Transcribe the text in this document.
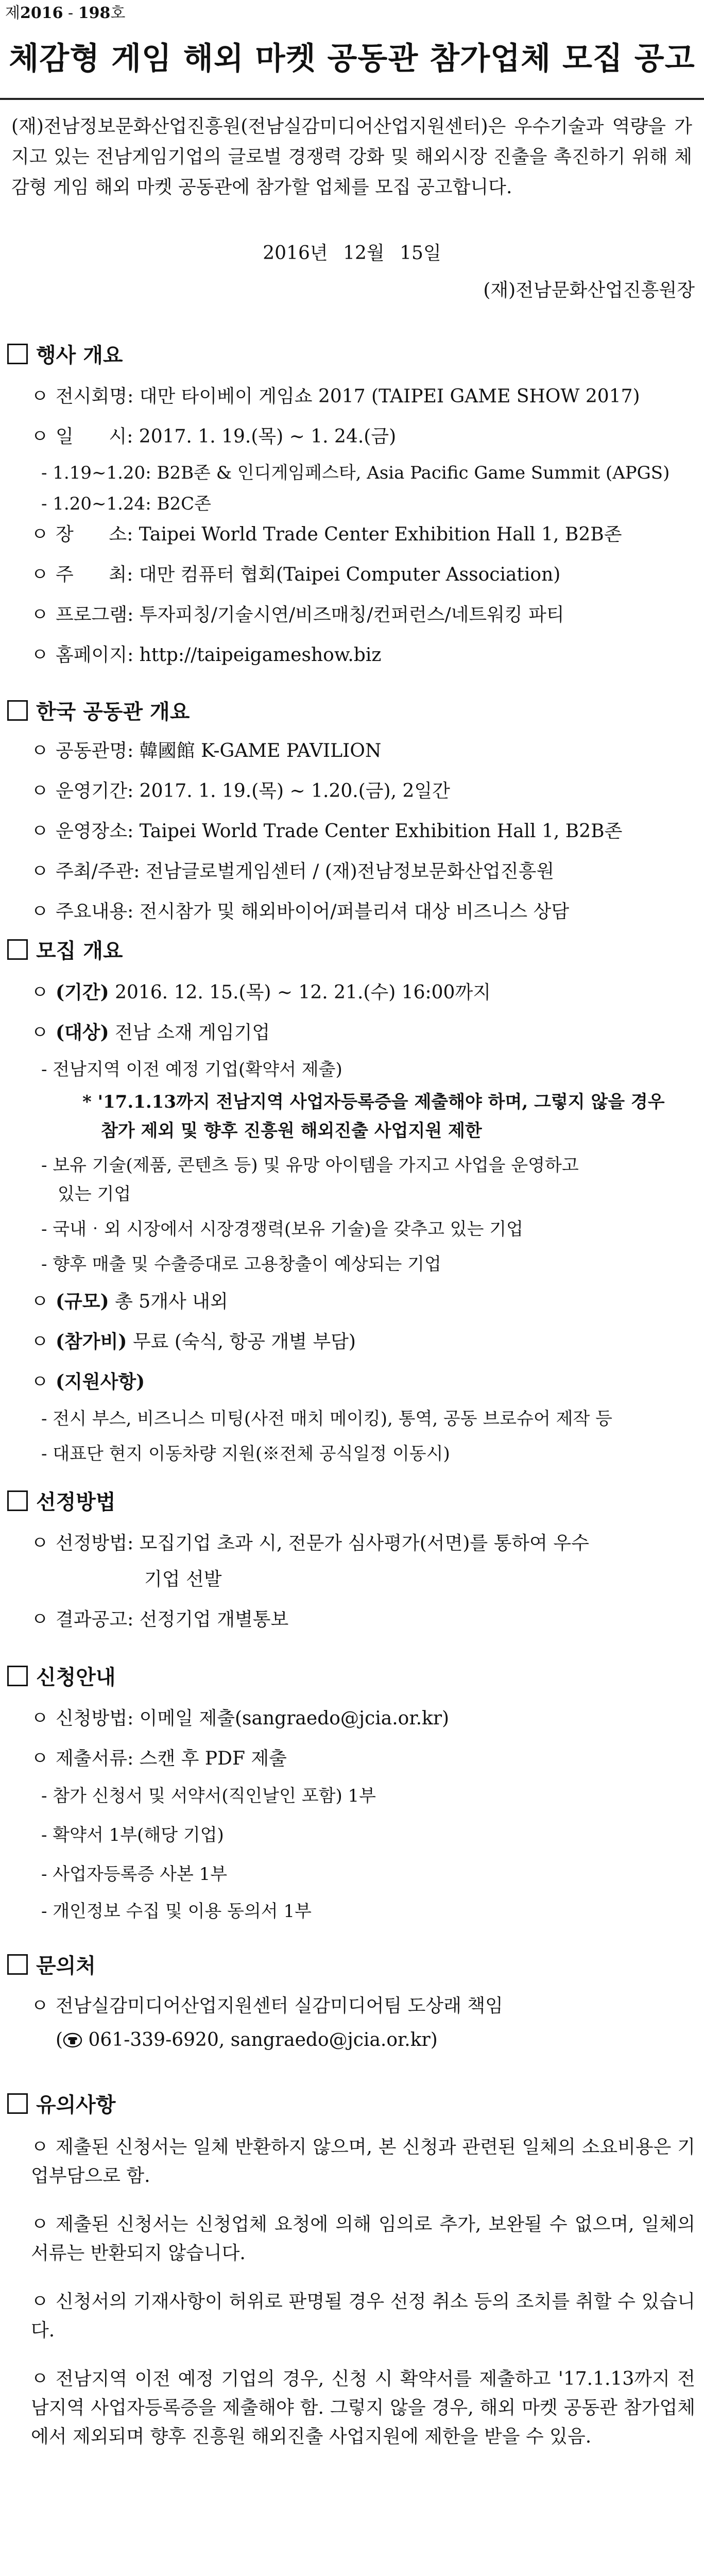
제2016 - 198호
체감형 게임 해외 마켓 공동관 참가업체 모집 공고
(재)전남정보문화산업진흥원(전남실감미디어산업지원센터)은 우수기술과 역량을 가지고 있는 전남게임기업의 글로벌 경쟁력 강화 및 해외시장 진출을 촉진하기 위해 체감형 게임 해외 마켓 공동관에 참가할 업체를 모집 공고합니다.
2016년 12월 15일
(재)전남문화산업진흥원장
행사 개요
ㅇ 전시회명: 대만 타이베이 게임쇼 2017 (TAIPEI GAME SHOW 2017)
ㅇ 일      시: 2017. 1. 19.(목) ∼ 1. 24.(금)
- 1.19~1.20: B2B존 & 인디게임페스타, Asia Pacific Game Summit (APGS)
- 1.20~1.24: B2C존
ㅇ 장      소: Taipei World Trade Center Exhibition Hall 1, B2B존
ㅇ 주      최: 대만 컴퓨터 협회(Taipei Computer Association)
ㅇ 프로그램: 투자피칭/기술시연/비즈매칭/컨퍼런스/네트워킹 파티
ㅇ 홈페이지: http://taipeigameshow.biz
한국 공동관 개요
ㅇ 공동관명: 韓國館 K-GAME PAVILION
ㅇ 운영기간: 2017. 1. 19.(목) ∼ 1.20.(금), 2일간
ㅇ 운영장소: Taipei World Trade Center Exhibition Hall 1, B2B존
ㅇ 주최/주관: 전남글로벌게임센터 / (재)전남정보문화산업진흥원
ㅇ 주요내용: 전시참가 및 해외바이어/퍼블리셔 대상 비즈니스 상담
모집 개요
ㅇ (기간) 2016. 12. 15.(목) ∼ 12. 21.(수) 16:00까지
ㅇ (대상) 전남 소재 게임기업
- 전남지역 이전 예정 기업(확약서 제출)
* '17.1.13까지 전남지역 사업자등록증을 제출해야 하며, 그렇지 않을 경우
참가 제외 및 향후 진흥원 해외진출 사업지원 제한
- 보유 기술(제품, 콘텐츠 등) 및 유망 아이템을 가지고 사업을 운영하고
있는 기업
- 국내‧외 시장에서 시장경쟁력(보유 기술)을 갖추고 있는 기업
- 향후 매출 및 수출증대로 고용창출이 예상되는 기업
ㅇ (규모) 총 5개사 내외
ㅇ (참가비) 무료 (숙식, 항공 개별 부담)
ㅇ (지원사항)
- 전시 부스, 비즈니스 미팅(사전 매치 메이킹), 통역, 공동 브로슈어 제작 등
- 대표단 현지 이동차량 지원(※전체 공식일정 이동시)
선정방법
ㅇ 선정방법: 모집기업 초과 시, 전문가 심사평가(서면)를 통하여 우수
기업 선발
ㅇ 결과공고: 선정기업 개별통보
신청안내
ㅇ 신청방법: 이메일 제출(sangraedo@jcia.or.kr)
ㅇ 제출서류: 스캔 후 PDF 제출
- 참가 신청서 및 서약서(직인날인 포함) 1부
- 확약서 1부(해당 기업)
- 사업자등록증 사본 1부
- 개인정보 수집 및 이용 동의서 1부
문의처
ㅇ 전남실감미디어산업지원센터 실감미디어팀 도상래 책임
( 061-339-6920, sangraedo@jcia.or.kr)
유의사항
ㅇ 제출된 신청서는 일체 반환하지 않으며, 본 신청과 관련된 일체의 소요비용은 기업부담으로 함.
ㅇ 제출된 신청서는 신청업체 요청에 의해 임의로 추가, 보완될 수 없으며, 일체의 서류는 반환되지 않습니다.
ㅇ 신청서의 기재사항이 허위로 판명될 경우 선정 취소 등의 조치를 취할 수 있습니다.
ㅇ 전남지역 이전 예정 기업의 경우, 신청 시 확약서를 제출하고 '17.1.13까지 전남지역 사업자등록증을 제출해야 함. 그렇지 않을 경우, 해외 마켓 공동관 참가업체에서 제외되며 향후 진흥원 해외진출 사업지원에 제한을 받을 수 있음.
